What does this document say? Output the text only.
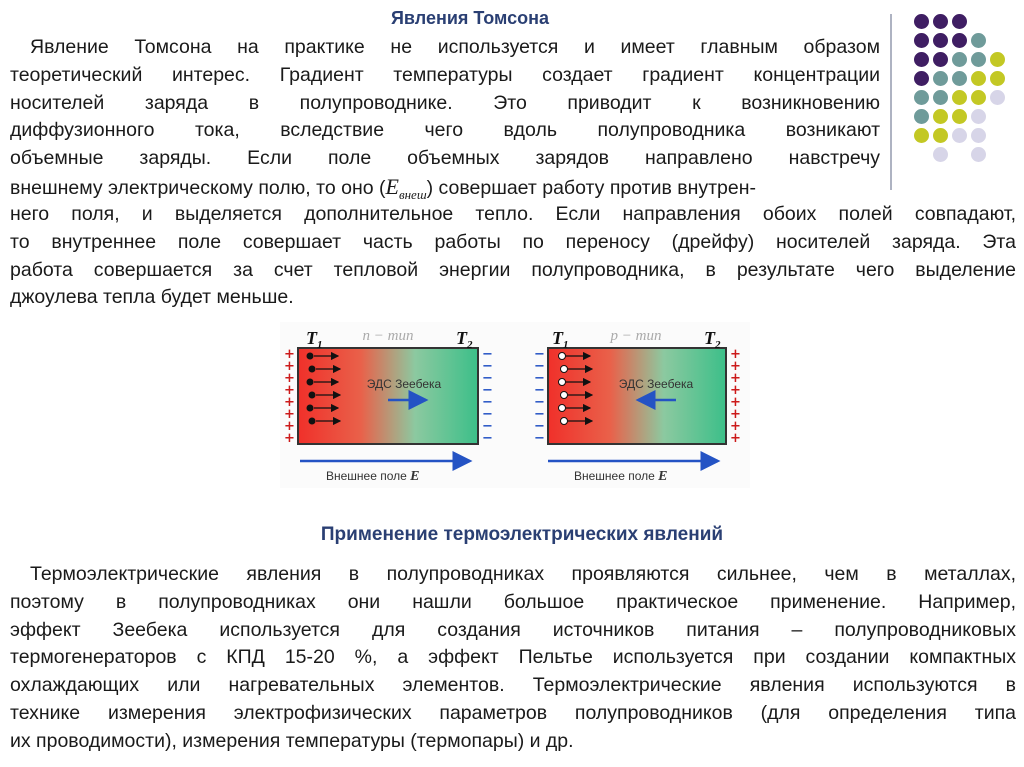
Явления Томсона
Явление Томсона на практике не используется и имеет главным образом
теоретический интерес. Градиент температуры создает градиент концентрации
носителей заряда в полупроводнике. Это приводит к возникновению
диффузионного тока, вследствие чего вдоль полупроводника возникают
объемные заряды. Если поле объемных зарядов направлено навстречу
внешнему электрическому полю, то оно $(E_{внеш})$ совершает работу против внутрен-
него поля, и выделяется дополнительное тепло. Если направления обоих полей совпадают,
то внутреннее поле совершает часть работы по переносу (дрейфу) носителей заряда. Эта
работа совершается за счет тепловой энергии полупроводника, в результате чего выделение
джоулева тепла будет меньше.
$T_1$	$T_2$
n − тип
ЭДС Зеебека
+
+
+
+
+
+
+
+
−
−
−
−
−
−
−
−
Внешнее поле E
$T_1$	$T_2$
p − тип
ЭДС Зеебека
−
−
−
−
−
−
−
−
+
+
+
+
+
+
+
+
Внешнее поле E
Применение термоэлектрических явлений
Термоэлектрические явления в полупроводниках проявляются сильнее, чем в металлах,
поэтому в полупроводниках они нашли большое практическое применение. Например,
эффект Зеебека используется для создания источников питания – полупроводниковых
термогенераторов с КПД 15-20 %, а эффект Пельтье используется при создании компактных
охлаждающих или нагревательных элементов. Термоэлектрические явления используются в
технике измерения электрофизических параметров полупроводников (для определения типа
их проводимости), измерения температуры (термопары) и др.
